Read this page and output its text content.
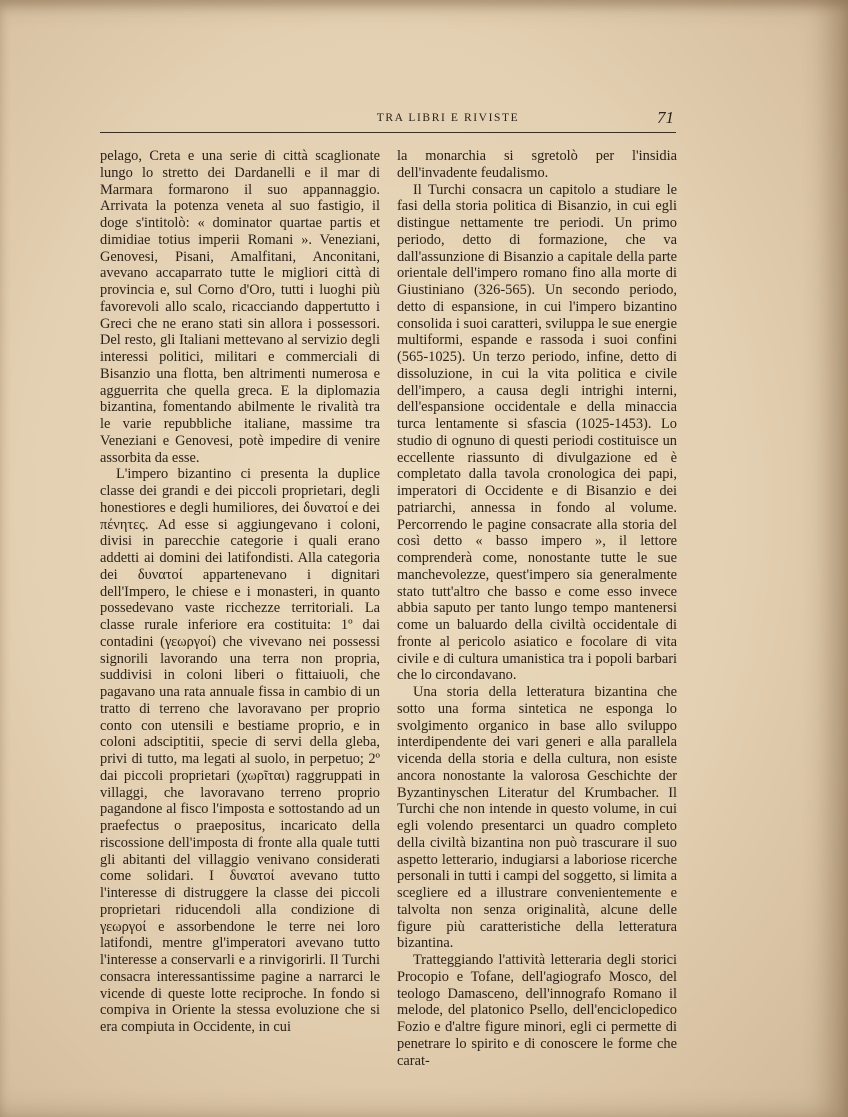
TRA LIBRI E RIVISTE	71

pelago, Creta e una serie di città scaglionate lungo lo stretto dei Dardanelli e il mar di Marmara formarono il suo appannaggio. Arrivata la potenza veneta al suo fastigio, il doge s'intitolò: « dominator quartae partis et dimidiae totius imperii Romani ». Veneziani, Genovesi, Pisani, Amalfitani, Anconitani, avevano accaparrato tutte le migliori città di provincia e, sul Corno d'Oro, tutti i luoghi più favorevoli allo scalo, ricacciando dappertutto i Greci che ne erano stati sin allora i possessori. Del resto, gli Italiani mettevano al servizio degli interessi politici, militari e commerciali di Bisanzio una flotta, ben altrimenti numerosa e agguerrita che quella greca. E la diplomazia bizantina, fomentando abilmente le rivalità tra le varie repubbliche italiane, massime tra Veneziani e Genovesi, potè impedire di venire assorbita da esse.

L'impero bizantino ci presenta la duplice classe dei grandi e dei piccoli proprietari, degli honestiores e degli humiliores, dei δυνατοί e dei πένητες. Ad esse si aggiungevano i coloni, divisi in parecchie categorie i quali erano addetti ai domini dei latifondisti. Alla categoria dei δυνατοί appartenevano i dignitari dell'Impero, le chiese e i monasteri, in quanto possedevano vaste ricchezze territoriali. La classe rurale inferiore era costituita: 1º dai contadini (γεωργοί) che vivevano nei possessi signorili lavorando una terra non propria, suddivisi in coloni liberi o fittaiuoli, che pagavano una rata annuale fissa in cambio di un tratto di terreno che lavoravano per proprio conto con utensili e bestiame proprio, e in coloni adsciptitii, specie di servi della gleba, privi di tutto, ma legati al suolo, in perpetuo; 2º dai piccoli proprietari (χωρῖται) raggruppati in villaggi, che lavoravano terreno proprio pagandone al fisco l'imposta e sottostando ad un praefectus o praepositus, incaricato della riscossione dell'imposta di fronte alla quale tutti gli abitanti del villaggio venivano considerati come solidari. I δυνατοί avevano tutto l'interesse di distruggere la classe dei piccoli proprietari riducendoli alla condizione di γεωργοί e assorbendone le terre nei loro latifondi, mentre gl'imperatori avevano tutto l'interesse a conservarli e a rinvigorirli. Il Turchi consacra interessantissime pagine a narrarci le vicende di queste lotte reciproche. In fondo si compiva in Oriente la stessa evoluzione che si era compiuta in Occidente, in cui

la monarchia si sgretolò per l'insidia dell'invadente feudalismo.

Il Turchi consacra un capitolo a studiare le fasi della storia politica di Bisanzio, in cui egli distingue nettamente tre periodi. Un primo periodo, detto di formazione, che va dall'assunzione di Bisanzio a capitale della parte orientale dell'impero romano fino alla morte di Giustiniano (326-565). Un secondo periodo, detto di espansione, in cui l'impero bizantino consolida i suoi caratteri, sviluppa le sue energie multiformi, espande e rassoda i suoi confini (565-1025). Un terzo periodo, infine, detto di dissoluzione, in cui la vita politica e civile dell'impero, a causa degli intrighi interni, dell'espansione occidentale e della minaccia turca lentamente si sfascia (1025-1453). Lo studio di ognuno di questi periodi costituisce un eccellente riassunto di divulgazione ed è completato dalla tavola cronologica dei papi, imperatori di Occidente e di Bisanzio e dei patriarchi, annessa in fondo al volume. Percorrendo le pagine consacrate alla storia del così detto « basso impero », il lettore comprenderà come, nonostante tutte le sue manchevolezze, quest'impero sia generalmente stato tutt'altro che basso e come esso invece abbia saputo per tanto lungo tempo mantenersi come un baluardo della civiltà occidentale di fronte al pericolo asiatico e focolare di vita civile e di cultura umanistica tra i popoli barbari che lo circondavano.

Una storia della letteratura bizantina che sotto una forma sintetica ne esponga lo svolgimento organico in base allo sviluppo interdipendente dei vari generi e alla parallela vicenda della storia e della cultura, non esiste ancora nonostante la valorosa Geschichte der Byzantinyschen Literatur del Krumbacher. Il Turchi che non intende in questo volume, in cui egli volendo presentarci un quadro completo della civiltà bizantina non può trascurare il suo aspetto letterario, indugiarsi a laboriose ricerche personali in tutti i campi del soggetto, si limita a scegliere ed a illustrare convenientemente e talvolta non senza originalità, alcune delle figure più caratteristiche della letteratura bizantina.

Tratteggiando l'attività letteraria degli storici Procopio e Tofane, dell'agiografo Mosco, del teologo Damasceno, dell'innografo Romano il melode, del platonico Psello, dell'enciclopedico Fozio e d'altre figure minori, egli ci permette di penetrare lo spirito e di conoscere le forme che carat-
